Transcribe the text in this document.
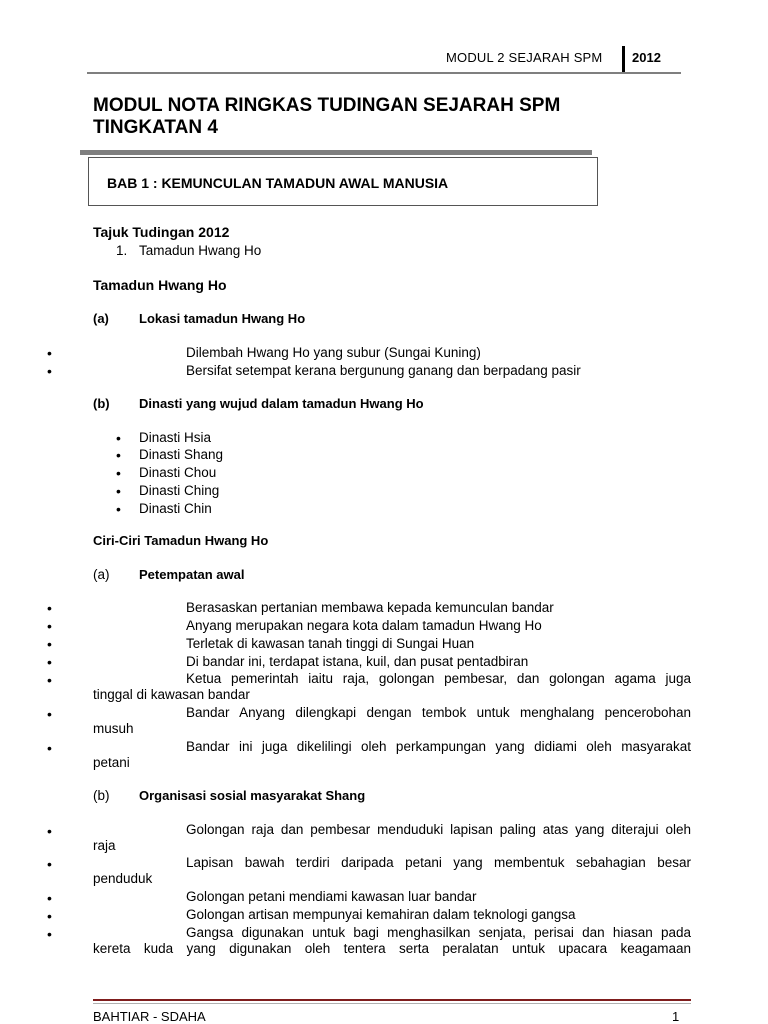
MODUL 2 SEJARAH SPM 2012
MODUL NOTA RINGKAS TUDINGAN SEJARAH SPM TINGKATAN 4
BAB 1 : KEMUNCULAN TAMADUN AWAL MANUSIA
Tajuk Tudingan 2012
1. Tamadun Hwang Ho
Tamadun Hwang Ho
(a) Lokasi tamadun Hwang Ho
•	Dilembah Hwang Ho yang subur (Sungai Kuning)
•	Bersifat setempat kerana bergunung ganang dan berpadang pasir
(b) Dinasti yang wujud dalam tamadun Hwang Ho
• Dinasti Hsia
• Dinasti Shang
• Dinasti Chou
• Dinasti Ching
• Dinasti Chin
Ciri-Ciri Tamadun Hwang Ho
(a) Petempatan awal
•	Berasaskan pertanian membawa kepada kemunculan bandar
•	Anyang merupakan negara kota dalam tamadun Hwang Ho
•	Terletak di kawasan tanah tinggi di Sungai Huan
•	Di bandar ini, terdapat istana, kuil, dan pusat pentadbiran
•	Ketua pemerintah iaitu raja, golongan pembesar, dan golongan agama juga
tinggal di kawasan bandar
•	Bandar Anyang dilengkapi dengan tembok untuk menghalang pencerobohan
musuh
•	Bandar ini juga dikelilingi oleh perkampungan yang didiami oleh masyarakat
petani
(b) Organisasi sosial masyarakat Shang
•	Golongan raja dan pembesar menduduki lapisan paling atas yang diterajui oleh
raja
•	Lapisan bawah terdiri daripada petani yang membentuk sebahagian besar
penduduk
•	Golongan petani mendiami kawasan luar bandar
•	Golongan artisan mempunyai kemahiran dalam teknologi gangsa
•	Gangsa digunakan untuk bagi menghasilkan senjata, perisai dan hiasan pada
kereta kuda yang digunakan oleh tentera serta peralatan untuk upacara keagamaan
BAHTIAR - SDAHA	1
